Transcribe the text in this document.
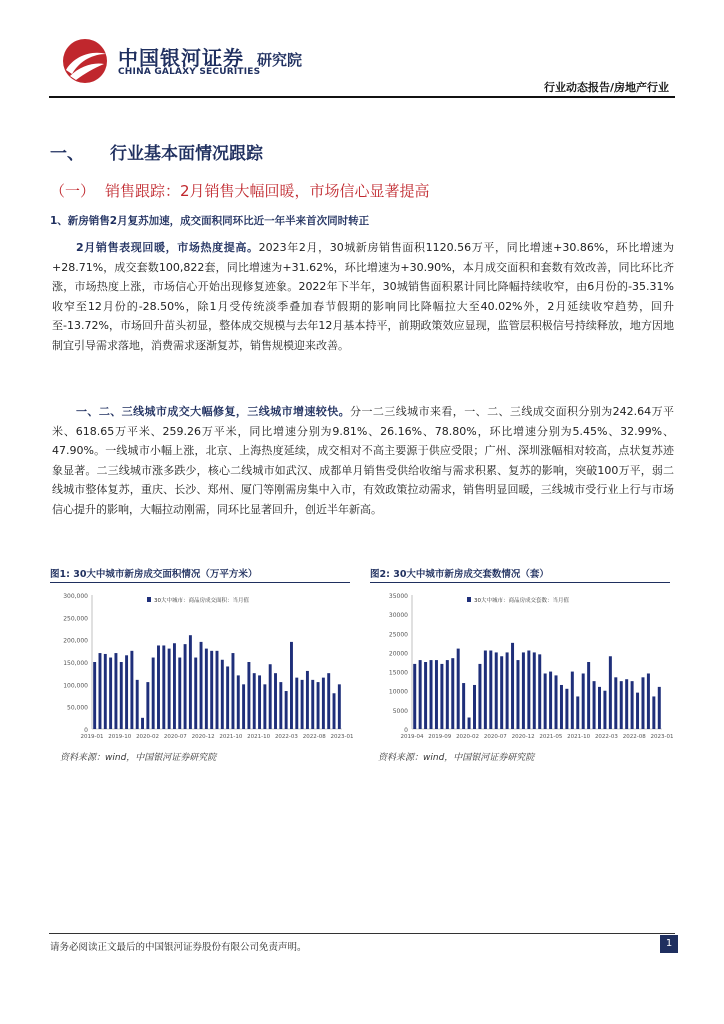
中国银河证券
CHINA GALAXY SECURITIES
研究院
行业动态报告/房地产行业
一、 行业基本面情况跟踪
（一） 销售跟踪：2月销售大幅回暖，市场信心显著提高
1、新房销售2月复苏加速，成交面积同环比近一年半来首次同时转正
2月销售表现回暖，市场热度提高。2023年2月，30城新房销售面积1120.56万平，同比增速+30.86%，环比增速为+28.71%，成交套数100,822套，同比增速为+31.62%，环比增速为+30.90%，本月成交面积和套数有效改善，同比环比齐涨，市场热度上涨，市场信心开始出现修复迹象。2022年下半年，30城销售面积累计同比降幅持续收窄，由6月份的-35.31%收窄至12月份的-28.50%，除1月受传统淡季叠加春节假期的影响同比降幅拉大至40.02%外，2月延续收窄趋势，回升至-13.72%，市场回升苗头初显，整体成交规模与去年12月基本持平，前期政策效应显现，监管层积极信号持续释放，地方因地制宜引导需求落地，消费需求逐渐复苏，销售规模迎来改善。
一、二、三线城市成交大幅修复，三线城市增速较快。分一二三线城市来看，一、二、三线成交面积分别为242.64万平米、618.65万平米、259.26万平米，同比增速分别为9.81%、26.16%、78.80%，环比增速分别为5.45%、32.99%、47.90%。一线城市小幅上涨，北京、上海热度延续，成交相对不高主要源于供应受限；广州、深圳涨幅相对较高，点状复苏迹象显著。二三线城市涨多跌少，核心二线城市如武汉、成都单月销售受供给收缩与需求积累、复苏的影响，突破100万平，弱二线城市整体复苏，重庆、长沙、郑州、厦门等刚需房集中入市，有效政策拉动需求，销售明显回暖，三线城市受行业上行与市场信心提升的影响，大幅拉动刚需，同环比显著回升，创近半年新高。
图1: 30大中城市新房成交面积情况（万平方米）
300,000
250,000
200,000
150,000
100,000
50,000
0
30大中城市：商品房成交面积：当月值
2019-01 2019-10 2020-02 2020-07 2020-12 2021-10 2021-10 2022-03 2022-08 2023-01
资料来源：wind，中国银河证券研究院
图2: 30大中城市新房成交套数情况（套）
35000
30000
25000
20000
15000
10000
5000
0
30大中城市：商品房成交套数：当月值
2019-04 2019-09 2020-02 2020-07 2020-12 2021-05 2021-10 2022-03 2022-08 2023-01
资料来源：wind，中国银河证券研究院
请务必阅读正文最后的中国银河证券股份有限公司免责声明。	1
